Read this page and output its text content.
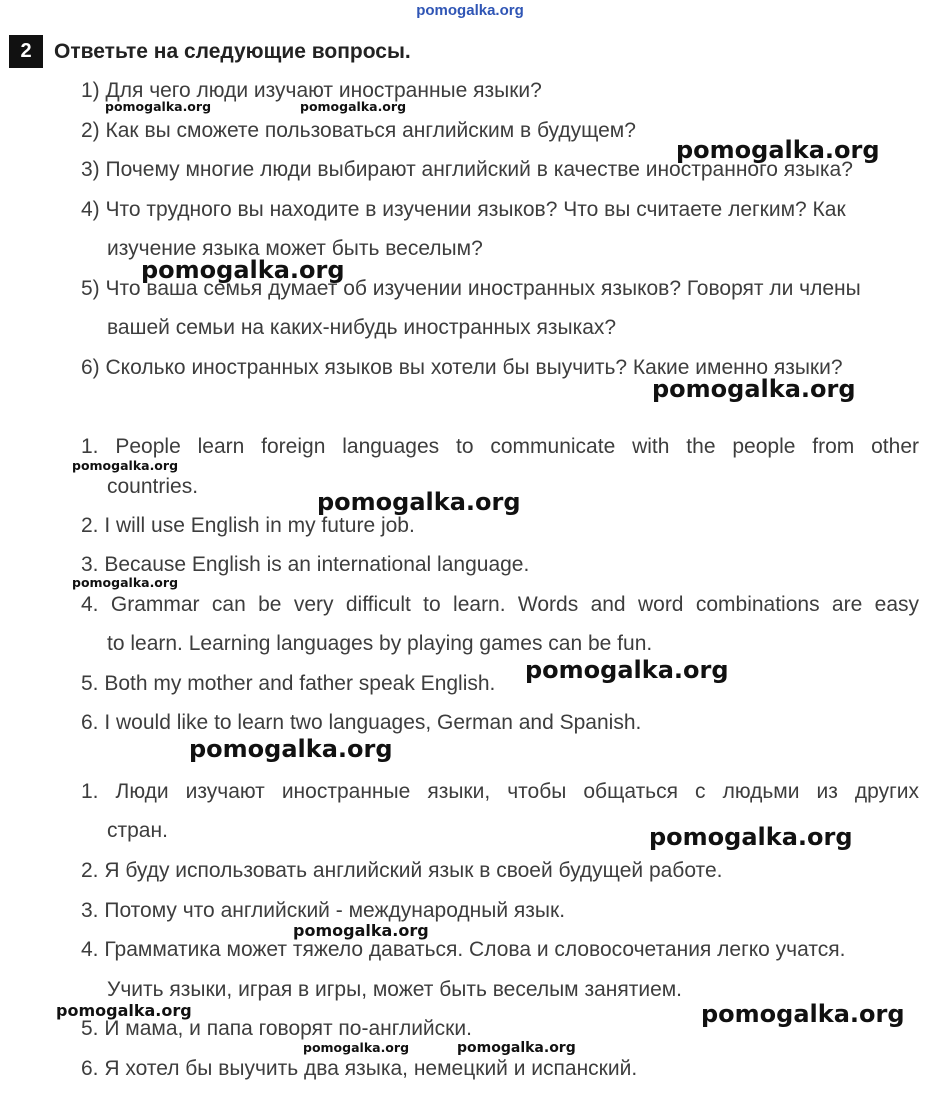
pomogalka.org
2	Ответьте на следующие вопросы.
1) Для чего люди изучают иностранные языки?
2) Как вы сможете пользоваться английским в будущем?
3) Почему многие люди выбирают английский в качестве иностранного языка?
4) Что трудного вы находите в изучении языков? Что вы считаете легким? Как
изучение языка может быть веселым?
5) Что ваша семья думает об изучении иностранных языков? Говорят ли члены
вашей семьи на каких-нибудь иностранных языках?
6) Сколько иностранных языков вы хотели бы выучить? Какие именно языки?
1. People learn foreign languages to communicate with the people from other
countries.
2. I will use English in my future job.
3. Because English is an international language.
4. Grammar can be very difficult to learn. Words and word combinations are easy
to learn. Learning languages by playing games can be fun.
5. Both my mother and father speak English.
6. I would like to learn two languages, German and Spanish.
1. Люди изучают иностранные языки, чтобы общаться с людьми из других
стран.
2. Я буду использовать английский язык в своей будущей работе.
3. Потому что английский - международный язык.
4. Грамматика может тяжело даваться. Слова и словосочетания легко учатся.
Учить языки, играя в игры, может быть веселым занятием.
5. И мама, и папа говорят по-английски.
6. Я хотел бы выучить два языка, немецкий и испанский.
pomogalka.org	pomogalka.org
pomogalka.org
pomogalka.org
pomogalka.org
pomogalka.org
pomogalka.org
pomogalka.org
pomogalka.org
pomogalka.org
pomogalka.org
pomogalka.org
pomogalka.org	pomogalka.org
pomogalka.org	pomogalka.org
